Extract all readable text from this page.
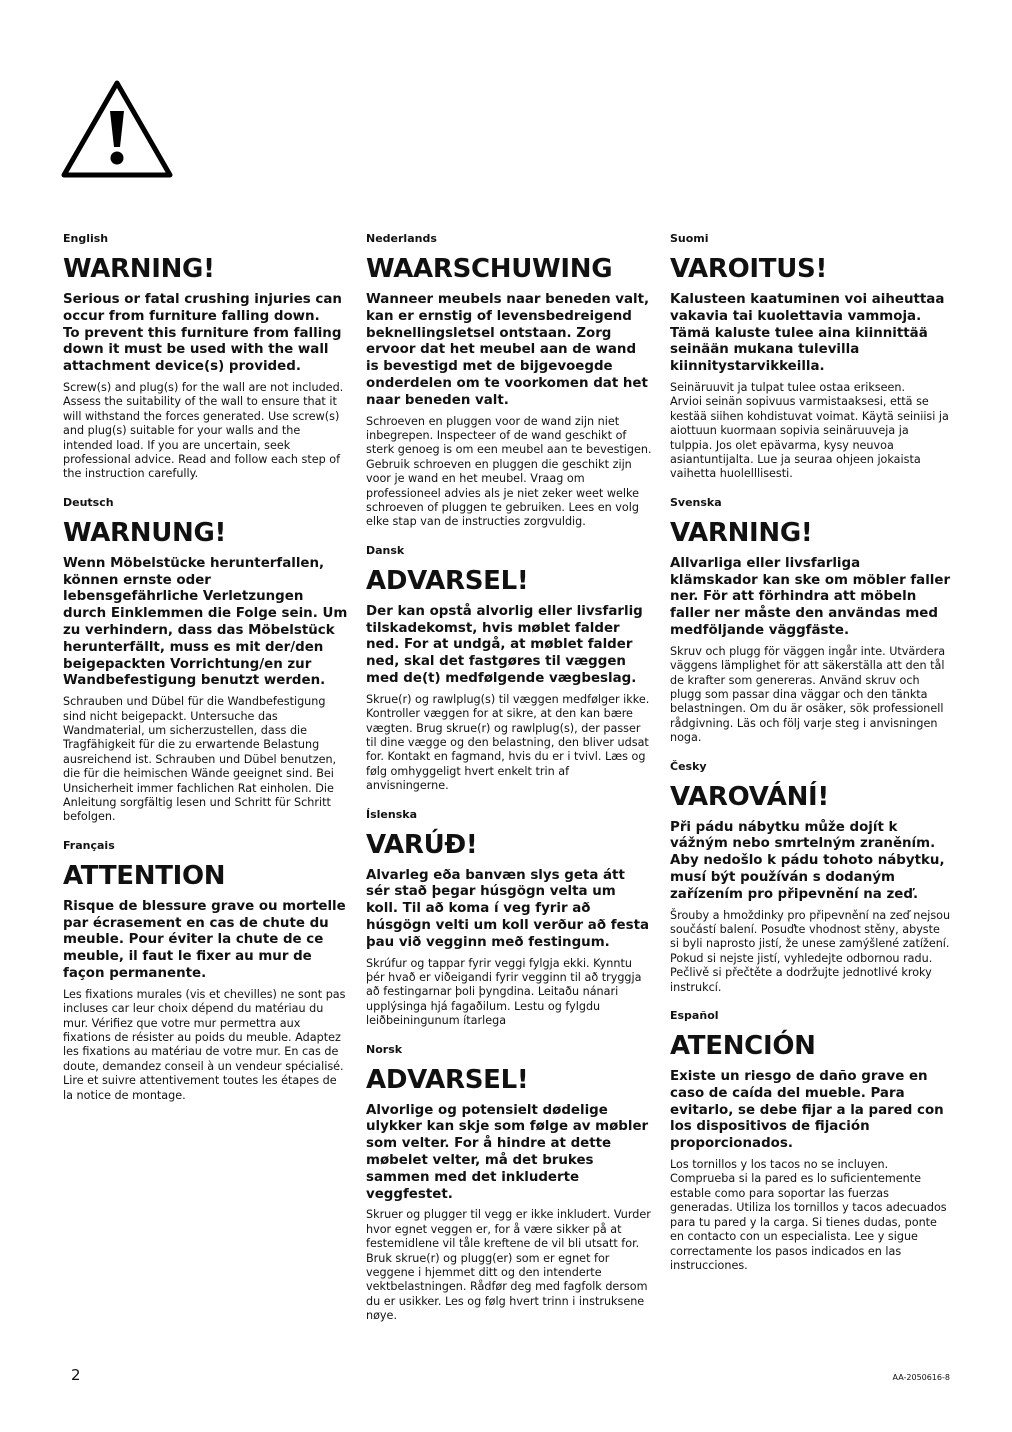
English

WARNING!

Serious or fatal crushing injuries can occur from furniture falling down.
To prevent this furniture from falling down it must be used with the wall attachment device(s) provided.

Screw(s) and plug(s) for the wall are not included. Assess the suitability of the wall to ensure that it will withstand the forces generated. Use screw(s) and plug(s) suitable for your walls and the intended load. If you are uncertain, seek professional advice. Read and follow each step of the instruction carefully.

Deutsch

WARNUNG!

Wenn Möbelstücke herunterfallen, können ernste oder lebensgefährliche Verletzungen durch Einklemmen die Folge sein. Um zu verhindern, dass das Möbelstück herunterfällt, muss es mit der/den beigepackten Vorrichtung/en zur Wandbefestigung benutzt werden.

Schrauben und Dübel für die Wandbefestigung sind nicht beigepackt. Untersuche das Wandmaterial, um sicherzustellen, dass die Tragfähigkeit für die zu erwartende Belastung ausreichend ist. Schrauben und Dübel benutzen, die für die heimischen Wände geeignet sind. Bei Unsicherheit immer fachlichen Rat einholen. Die Anleitung sorgfältig lesen und Schritt für Schritt befolgen.

Français

ATTENTION

Risque de blessure grave ou mortelle par écrasement en cas de chute du meuble. Pour éviter la chute de ce meuble, il faut le fixer au mur de façon permanente.

Les fixations murales (vis et chevilles) ne sont pas incluses car leur choix dépend du matériau du mur. Vérifiez que votre mur permettra aux fixations de résister au poids du meuble. Adaptez les fixations au matériau de votre mur. En cas de doute, demandez conseil à un vendeur spécialisé. Lire et suivre attentivement toutes les étapes de la notice de montage.

Nederlands

WAARSCHUWING

Wanneer meubels naar beneden valt, kan er ernstig of levensbedreigend beknellingsletsel ontstaan. Zorg ervoor dat het meubel aan de wand is bevestigd met de bijgevoegde onderdelen om te voorkomen dat het naar beneden valt.

Schroeven en pluggen voor de wand zijn niet inbegrepen. Inspecteer of de wand geschikt of sterk genoeg is om een meubel aan te bevestigen. Gebruik schroeven en pluggen die geschikt zijn voor je wand en het meubel. Vraag om professioneel advies als je niet zeker weet welke schroeven of pluggen te gebruiken. Lees en volg elke stap van de instructies zorgvuldig.

Dansk

ADVARSEL!

Der kan opstå alvorlig eller livsfarlig tilskadekomst, hvis møblet falder ned. For at undgå, at møblet falder ned, skal det fastgøres til væggen med de(t) medfølgende vægbeslag.

Skrue(r) og rawlplug(s) til væggen medfølger ikke. Kontroller væggen for at sikre, at den kan bære vægten. Brug skrue(r) og rawlplug(s), der passer til dine vægge og den belastning, den bliver udsat for. Kontakt en fagmand, hvis du er i tvivl. Læs og følg omhyggeligt hvert enkelt trin af anvisningerne.

Íslenska

VARÚÐ!

Alvarleg eða banvæn slys geta átt sér stað þegar húsgögn velta um koll. Til að koma í veg fyrir að húsgögn velti um koll verður að festa þau við vegginn með festingum.

Skrúfur og tappar fyrir veggi fylgja ekki. Kynntu þér hvað er viðeigandi fyrir vegginn til að tryggja að festingarnar þoli þyngdina. Leitaðu nánari upplýsinga hjá fagaðilum. Lestu og fylgdu leiðbeiningunum ítarlega

Norsk

ADVARSEL!

Alvorlige og potensielt dødelige ulykker kan skje som følge av møbler som velter. For å hindre at dette møbelet velter, må det brukes sammen med det inkluderte veggfestet.

Skruer og plugger til vegg er ikke inkludert. Vurder hvor egnet veggen er, for å være sikker på at festemidlene vil tåle kreftene de vil bli utsatt for. Bruk skrue(r) og plugg(er) som er egnet for veggene i hjemmet ditt og den intenderte vektbelastningen. Rådfør deg med fagfolk dersom du er usikker. Les og følg hvert trinn i instruksene nøye.

Suomi

VAROITUS!

Kalusteen kaatuminen voi aiheuttaa vakavia tai kuolettavia vammoja. Tämä kaluste tulee aina kiinnittää seinään mukana tulevilla kiinnitystarvikkeilla.

Seinäruuvit ja tulpat tulee ostaa erikseen.
Arvioi seinän sopivuus varmistaaksesi, että se kestää siihen kohdistuvat voimat. Käytä seiniisi ja aiottuun kuormaan sopivia seinäruuveja ja tulppia. Jos olet epävarma, kysy neuvoa asiantuntijalta. Lue ja seuraa ohjeen jokaista vaihetta huolelllisesti.

Svenska

VARNING!

Allvarliga eller livsfarliga klämskador kan ske om möbler faller ner. För att förhindra att möbeln faller ner måste den användas med medföljande väggfäste.

Skruv och plugg för väggen ingår inte. Utvärdera väggens lämplighet för att säkerställa att den tål de krafter som genereras. Använd skruv och plugg som passar dina väggar och den tänkta belastningen. Om du är osäker, sök professionell rådgivning. Läs och följ varje steg i anvisningen noga.

Česky

VAROVÁNÍ!

Při pádu nábytku může dojít k vážným nebo smrtelným zraněním. Aby nedošlo k pádu tohoto nábytku, musí být používán s dodaným zařízením pro připevnění na zeď.

Šrouby a hmoždinky pro připevnění na zeď nejsou součástí balení. Posuďte vhodnost stěny, abyste si byli naprosto jistí, že unese zamýšlené zatížení. Pokud si nejste jistí, vyhledejte odbornou radu. Pečlivě si přečtěte a dodržujte jednotlivé kroky instrukcí.

Español

ATENCIÓN

Existe un riesgo de daño grave en caso de caída del mueble. Para evitarlo, se debe fijar a la pared con los dispositivos de fijación proporcionados.

Los tornillos y los tacos no se incluyen. Comprueba si la pared es lo suficientemente estable como para soportar las fuerzas generadas. Utiliza los tornillos y tacos adecuados para tu pared y la carga. Si tienes dudas, ponte en contacto con un especialista. Lee y sigue correctamente los pasos indicados en las instrucciones.

2	AA-2050616-8
